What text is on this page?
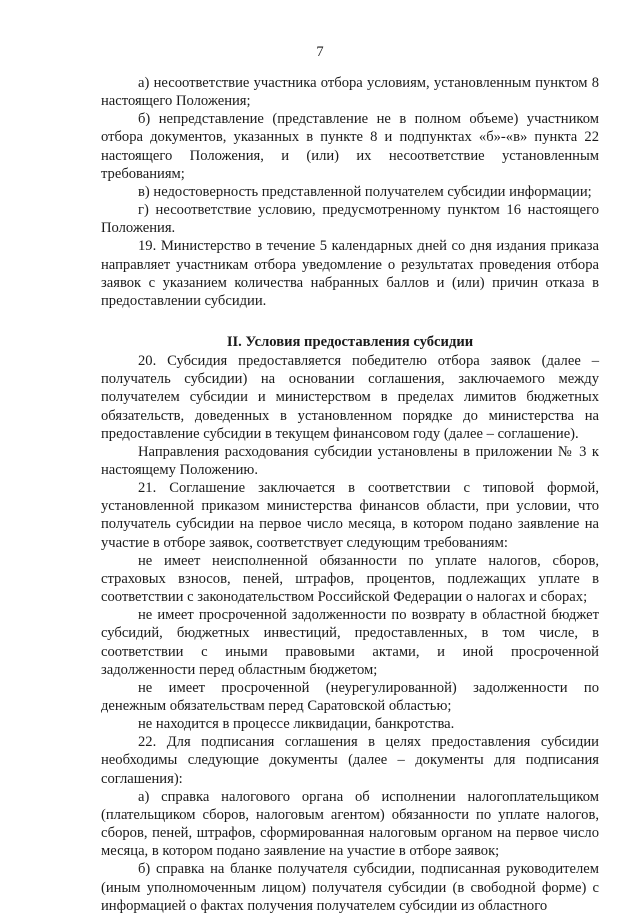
7

а) несоответствие участника отбора условиям, установленным пунктом 8 настоящего Положения;

б) непредставление (представление не в полном объеме) участником отбора документов, указанных в пункте 8 и подпунктах «б»-«в» пункта 22 настоящего Положения, и (или) их несоответствие установленным требованиям;

в) недостоверность представленной получателем субсидии информации;

г) несоответствие условию, предусмотренному пунктом 16 настоящего Положения.

19. Министерство в течение 5 календарных дней со дня издания приказа направляет участникам отбора уведомление о результатах проведения отбора заявок с указанием количества набранных баллов и (или) причин отказа в предоставлении субсидии.

II. Условия предоставления субсидии

20. Субсидия предоставляется победителю отбора заявок (далее – получатель субсидии) на основании соглашения, заключаемого между получателем субсидии и министерством в пределах лимитов бюджетных обязательств, доведенных в установленном порядке до министерства на предоставление субсидии в текущем финансовом году (далее – соглашение).

Направления расходования субсидии установлены в приложении № 3 к настоящему Положению.

21. Соглашение заключается в соответствии с типовой формой, установленной приказом министерства финансов области, при условии, что получатель субсидии на первое число месяца, в котором подано заявление на участие в отборе заявок, соответствует следующим требованиям:

не имеет неисполненной обязанности по уплате налогов, сборов, страховых взносов, пеней, штрафов, процентов, подлежащих уплате в соответствии с законодательством Российской Федерации о налогах и сборах;

не имеет просроченной задолженности по возврату в областной бюджет субсидий, бюджетных инвестиций, предоставленных, в том числе, в соответствии с иными правовыми актами, и иной просроченной задолженности перед областным бюджетом;

не имеет просроченной (неурегулированной) задолженности по денежным обязательствам перед Саратовской областью;

не находится в процессе ликвидации, банкротства.

22. Для подписания соглашения в целях предоставления субсидии необходимы следующие документы (далее – документы для подписания соглашения):

а) справка налогового органа об исполнении налогоплательщиком (плательщиком сборов, налоговым агентом) обязанности по уплате налогов, сборов, пеней, штрафов, сформированная налоговым органом на первое число месяца, в котором подано заявление на участие в отборе заявок;

б) справка на бланке получателя субсидии, подписанная руководителем (иным уполномоченным лицом) получателя субсидии (в свободной форме) с информацией о фактах получения получателем субсидии из областного
